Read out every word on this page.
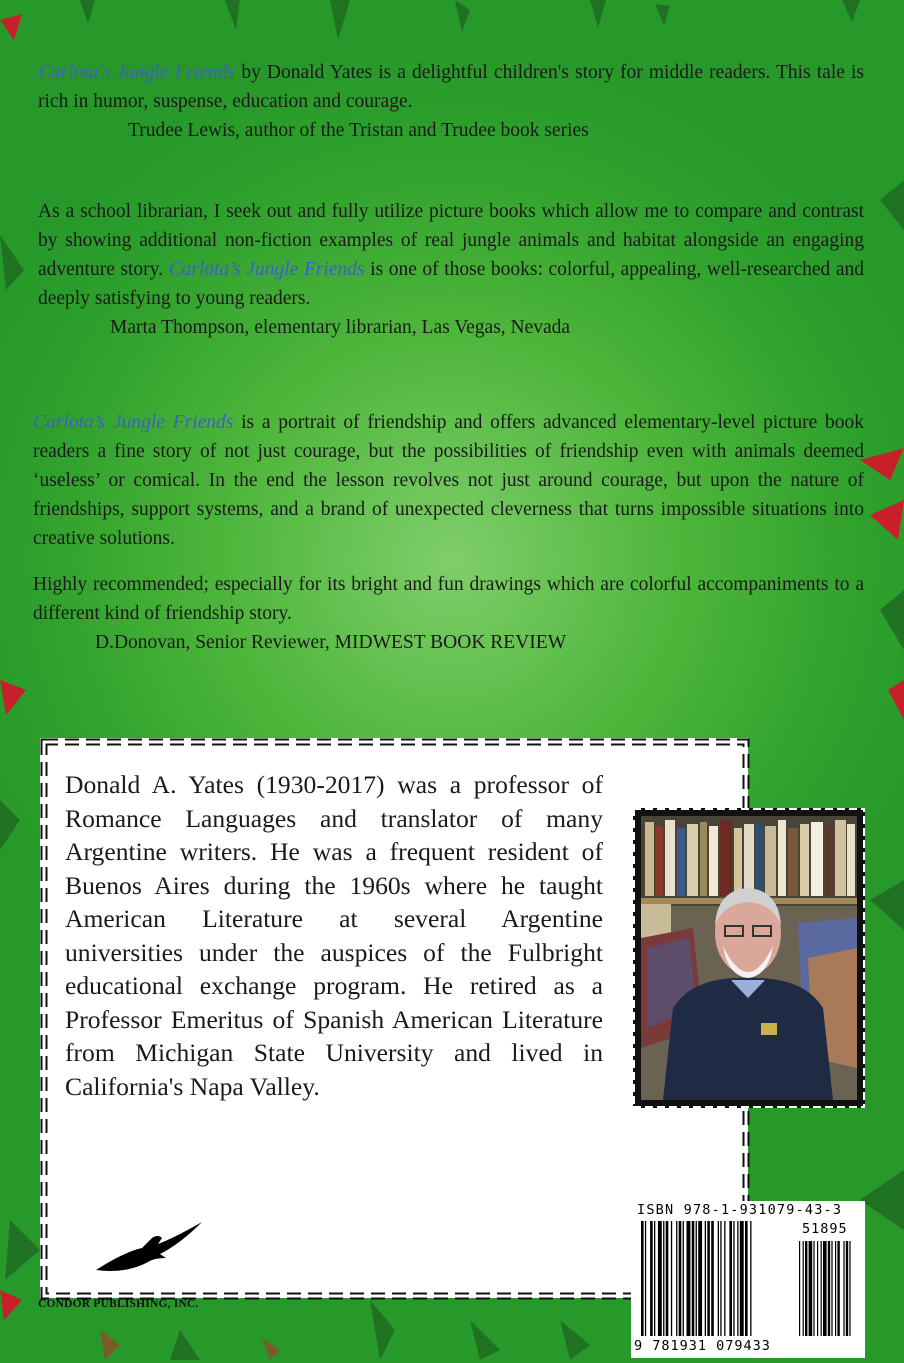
Carlota's Jungle Friends by Donald Yates is a delightful children's story for middle readers. This tale is rich in humor, suspense, education and courage.

Trudee Lewis, author of the Tristan and Trudee book series

As a school librarian, I seek out and fully utilize picture books which allow me to compare and contrast by showing additional non-fiction examples of real jungle animals and habitat alongside an engaging adventure story. Carlota’s Jungle Friends is one of those books: colorful, appealing, well-researched and deeply satisfying to young readers.

Marta Thompson, elementary librarian, Las Vegas, Nevada

Carlota’s Jungle Friends is a portrait of friendship and offers advanced elementary-level picture book readers a fine story of not just courage, but the possibilities of friendship even with animals deemed ‘useless’ or comical. In the end the lesson revolves not just around courage, but upon the nature of friendships, support systems, and a brand of unexpected cleverness that turns impossible situations into creative solutions.

Highly recommended; especially for its bright and fun drawings which are colorful accompaniments to a different kind of friendship story.

D.Donovan, Senior Reviewer, MIDWEST BOOK REVIEW
Donald A. Yates (1930-2017) was a professor of Romance Languages and translator of many Argentine writers. He was a frequent resident of Buenos Aires during the 1960s where he taught American Literature at several Argentine universities under the auspices of the Fulbright educational exchange program. He retired as a Professor Emeritus of Spanish American Literature from Michigan State University and lived in California's Napa Valley.
CONDOR PUBLISHING, INC.
ISBN 978-1-931079-43-3
51895
9 781931 079433
